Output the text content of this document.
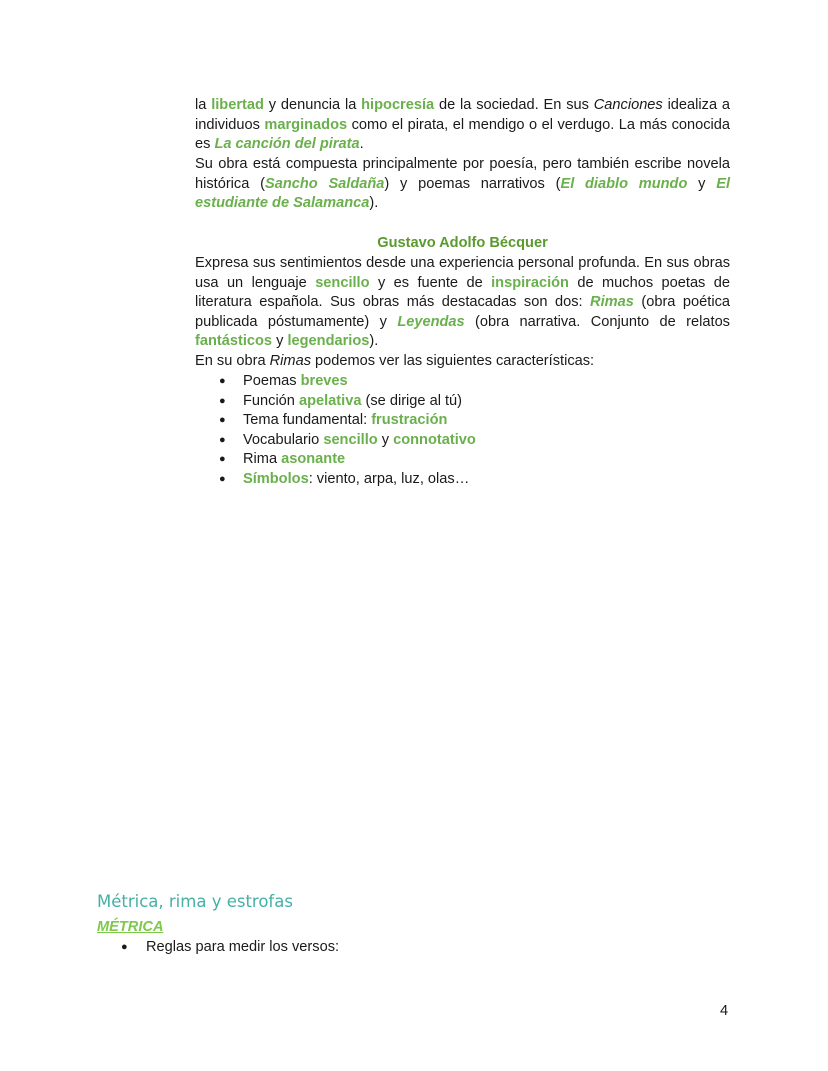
la libertad y denuncia la hipocresía de la sociedad. En sus Canciones idealiza a individuos marginados como el pirata, el mendigo o el verdugo. La más conocida es La canción del pirata.
Su obra está compuesta principalmente por poesía, pero también escribe novela histórica (Sancho Saldaña) y poemas narrativos (El diablo mundo y El estudiante de Salamanca).
Gustavo Adolfo Bécquer
Expresa sus sentimientos desde una experiencia personal profunda. En sus obras usa un lenguaje sencillo y es fuente de inspiración de muchos poetas de literatura española. Sus obras más destacadas son dos: Rimas (obra poética publicada póstumamente) y Leyendas (obra narrativa. Conjunto de relatos fantásticos y legendarios).
En su obra Rimas podemos ver las siguientes características:
● Poemas breves
● Función apelativa (se dirige al tú)
● Tema fundamental: frustración
● Vocabulario sencillo y connotativo
● Rima asonante
● Símbolos: viento, arpa, luz, olas…
Métrica, rima y estrofas
MÉTRICA
● Reglas para medir los versos:
4
